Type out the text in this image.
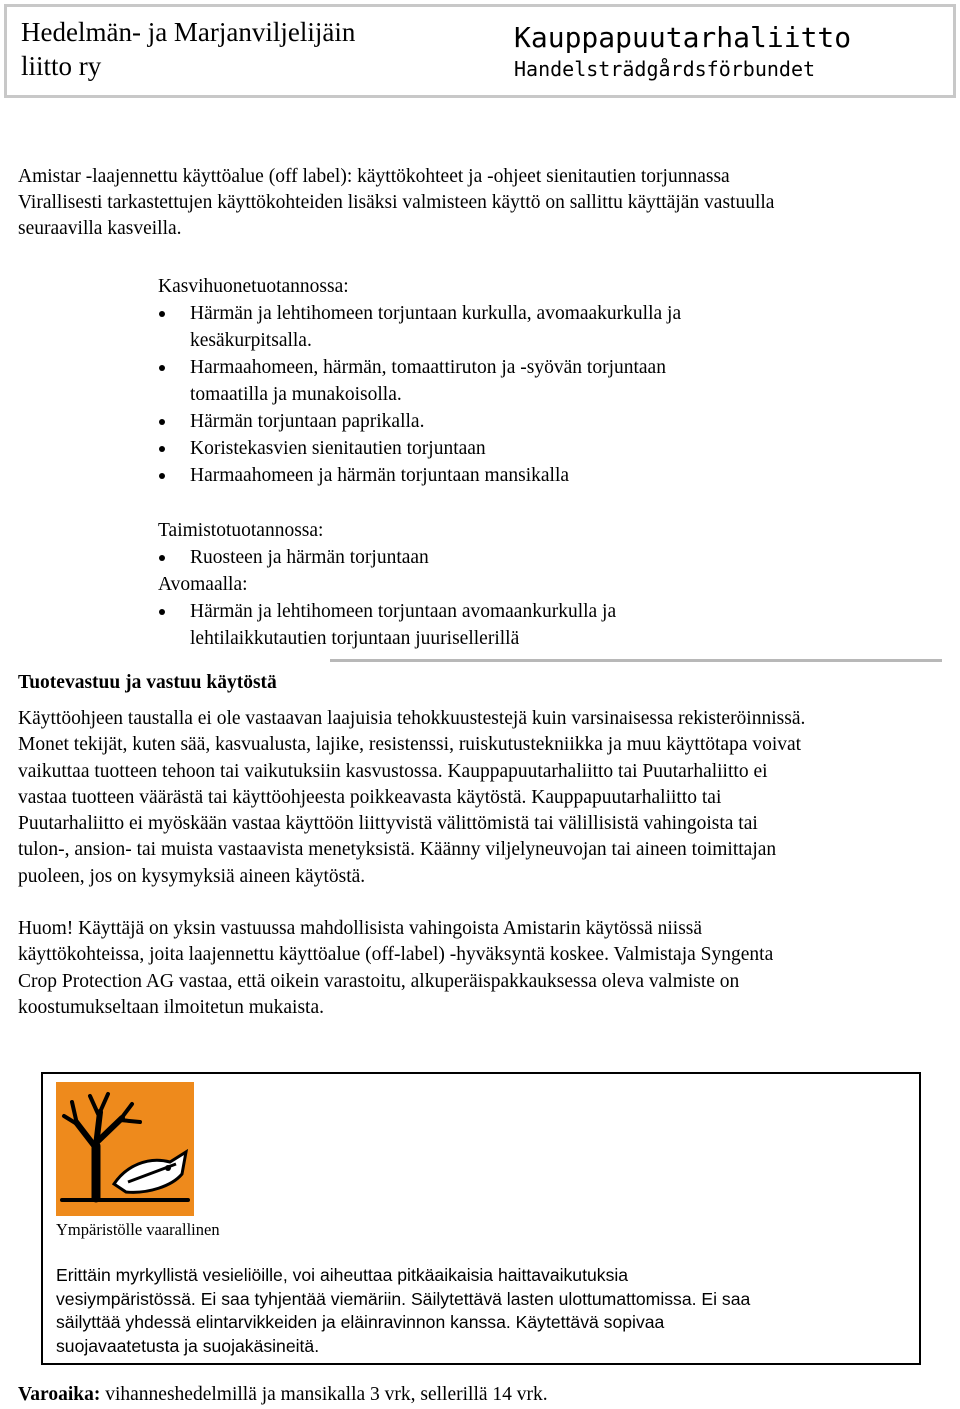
Hedelmän- ja Marjanviljelijäin
liitto ry
Kauppapuutarhaliitto
Handelsträdgårdsförbundet
Amistar -laajennettu käyttöalue (off label): käyttökohteet ja -ohjeet sienitautien torjunnassa
Virallisesti tarkastettujen käyttökohteiden lisäksi valmisteen käyttö on sallittu käyttäjän vastuulla
seuraavilla kasveilla.
Kasvihuonetuotannossa:
Härmän ja lehtihomeen torjuntaan kurkulla, avomaakurkulla ja
kesäkurpitsalla.
Harmaahomeen, härmän, tomaattiruton ja -syövän torjuntaan
tomaatilla ja munakoisolla.
Härmän torjuntaan paprikalla.
Koristekasvien sienitautien torjuntaan
Harmaahomeen ja härmän torjuntaan mansikalla
Taimistotuotannossa:
Ruosteen ja härmän torjuntaan
Avomaalla:
Härmän ja lehtihomeen torjuntaan avomaankurkulla ja
lehtilaikkutautien torjuntaan juurisellerillä
Tuotevastuu ja vastuu käytöstä
Käyttöohjeen taustalla ei ole vastaavan laajuisia tehokkuustestejä kuin varsinaisessa rekisteröinnissä.
Monet tekijät, kuten sää, kasvualusta, lajike, resistenssi, ruiskutustekniikka ja muu käyttötapa voivat
vaikuttaa tuotteen tehoon tai vaikutuksiin kasvustossa. Kauppapuutarhaliitto tai Puutarhaliitto ei
vastaa tuotteen väärästä tai käyttöohjeesta poikkeavasta käytöstä. Kauppapuutarhaliitto tai
Puutarhaliitto ei myöskään vastaa käyttöön liittyvistä välittömistä tai välillisistä vahingoista tai
tulon-, ansion- tai muista vastaavista menetyksistä. Käänny viljelyneuvojan tai aineen toimittajan
puoleen, jos on kysymyksiä aineen käytöstä.
Huom! Käyttäjä on yksin vastuussa mahdollisista vahingoista Amistarin käytössä niissä
käyttökohteissa, joita laajennettu käyttöalue (off-label) -hyväksyntä koskee. Valmistaja Syngenta
Crop Protection AG vastaa, että oikein varastoitu, alkuperäispakkauksessa oleva valmiste on
koostumukseltaan ilmoitetun mukaista.
Ympäristölle vaarallinen
Erittäin myrkyllistä vesieliöille, voi aiheuttaa pitkäaikaisia haittavaikutuksia
vesiympäristössä. Ei saa tyhjentää viemäriin. Säilytettävä lasten ulottumattomissa. Ei saa
säilyttää yhdessä elintarvikkeiden ja eläinravinnon kanssa. Käytettävä sopivaa
suojavaatetusta ja suojakäsineitä.
Varoaika: vihanneshedelmillä ja mansikalla 3 vrk, sellerillä 14 vrk.
